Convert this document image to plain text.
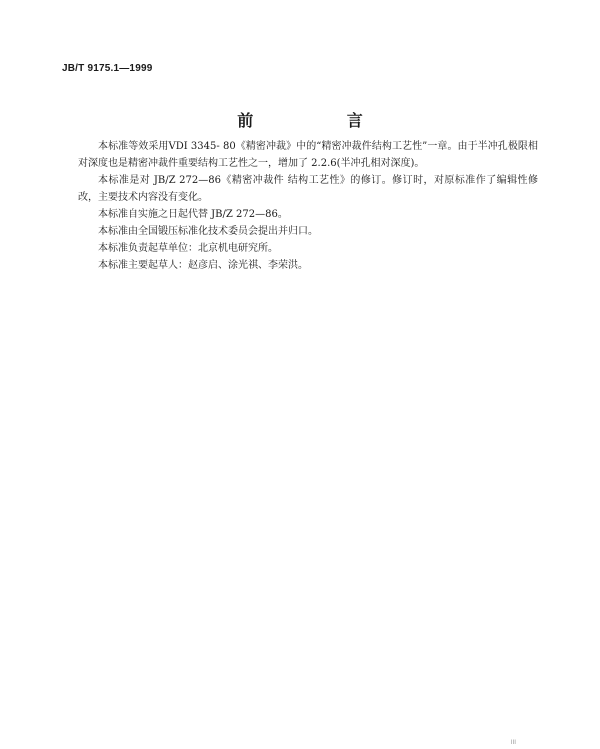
JB/T 9175.1—1999
前 言

本标准等效采用VDI 3345- 80《精密冲裁》中的“精密冲裁件结构工艺性”一章。由于半冲孔极限相对深度也是精密冲裁件重要结构工艺性之一，增加了 2.2.6(半冲孔相对深度)。

本标准是对 JB/Z 272—86《精密冲裁件 结构工艺性》的修订。修订时，对原标准作了编辑性修改，主要技术内容没有变化。

本标准自实施之日起代替 JB/Z 272—86。

本标准由全国锻压标准化技术委员会提出并归口。

本标准负责起草单位：北京机电研究所。

本标准主要起草人：赵彦启、涂光祺、李荣洪。

III
